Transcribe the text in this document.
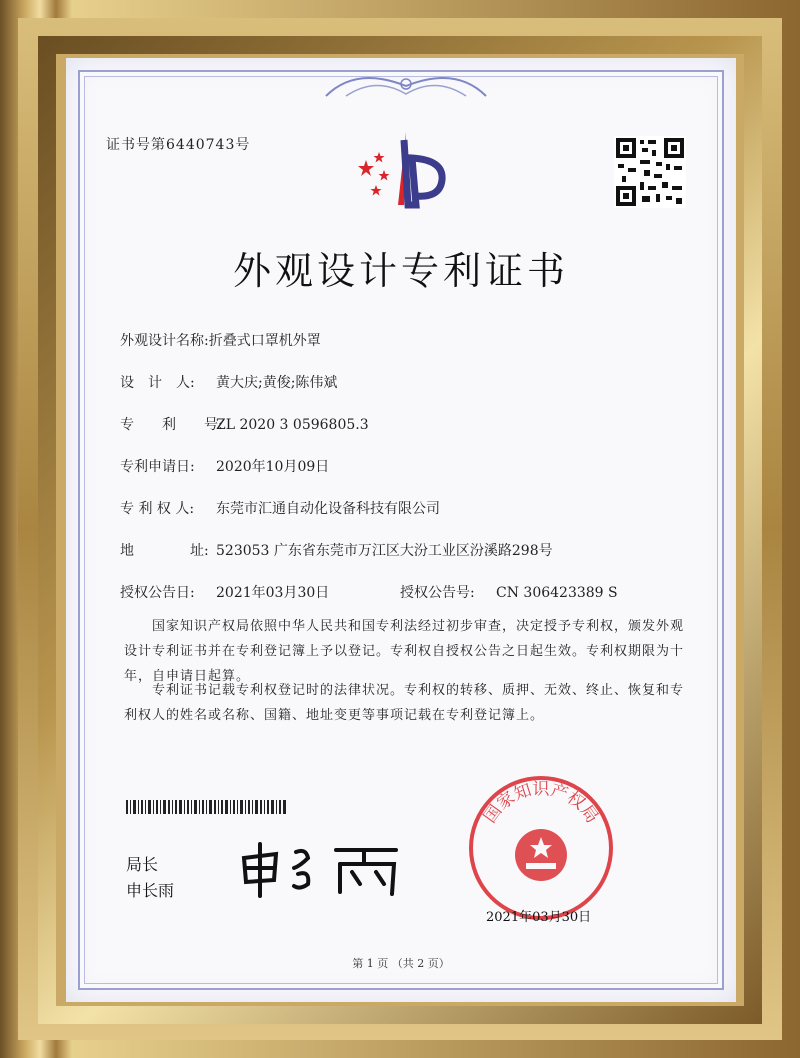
证书号第6440743号
外观设计专利证书
外观设计名称:折叠式口罩机外罩
设　计　人: 黄大庆;黄俊;陈伟斌
专　　利　　号:ZL 2020 3 0596805.3
专利申请日: 2020年10月09日
专 利 权 人: 东莞市汇通自动化设备科技有限公司
地　　　　址: 523053 广东省东莞市万江区大汾工业区汾溪路298号
授权公告日: 2021年03月30日	授权公告号: CN 306423389 S
国家知识产权局依照中华人民共和国专利法经过初步审查，决定授予专利权，颁发外观设计专利证书并在专利登记簿上予以登记。专利权自授权公告之日起生效。专利权期限为十年，自申请日起算。
专利证书记载专利权登记时的法律状况。专利权的转移、质押、无效、终止、恢复和专利权人的姓名或名称、国籍、地址变更等事项记载在专利登记簿上。
局长
申长雨
国家知识产权局
2021年03月30日
第 1 页 （共 2 页）
